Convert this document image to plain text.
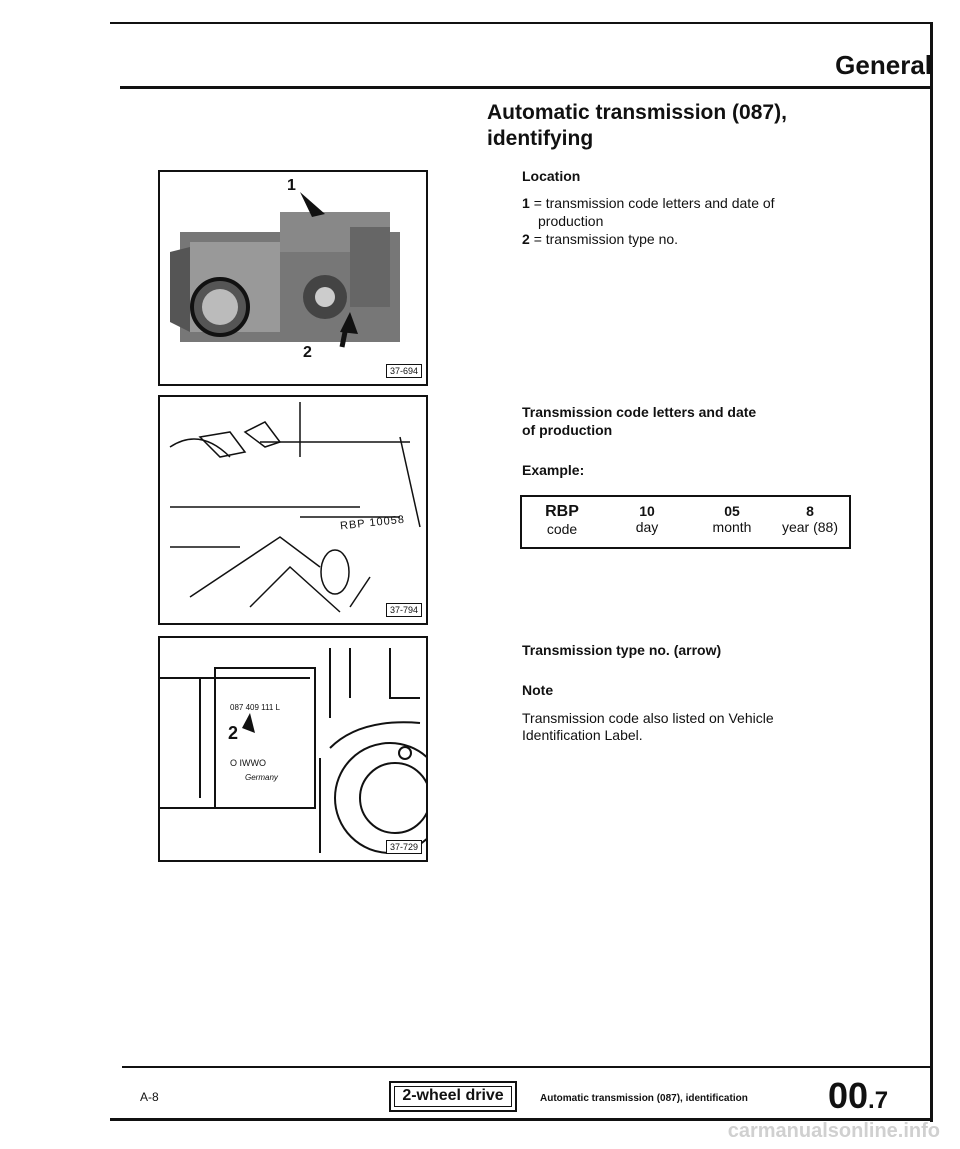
General
Automatic transmission (087),
identifying
1
2
37-694
RBP 10058
37-794
087 409 111 L
O IWWO
Germany
2
37-729
Location
1 = transmission code letters and date of
production
2 = transmission type no.
Transmission code letters and date
of production
Example:
RBP
code
10
day
05
month
8
year (88)
Transmission type no. (arrow)
Note
Transmission code also listed on Vehicle
Identification Label.
A-8	2-wheel drive	Automatic transmission (087), identification 00.7
carmanualsonline.info
